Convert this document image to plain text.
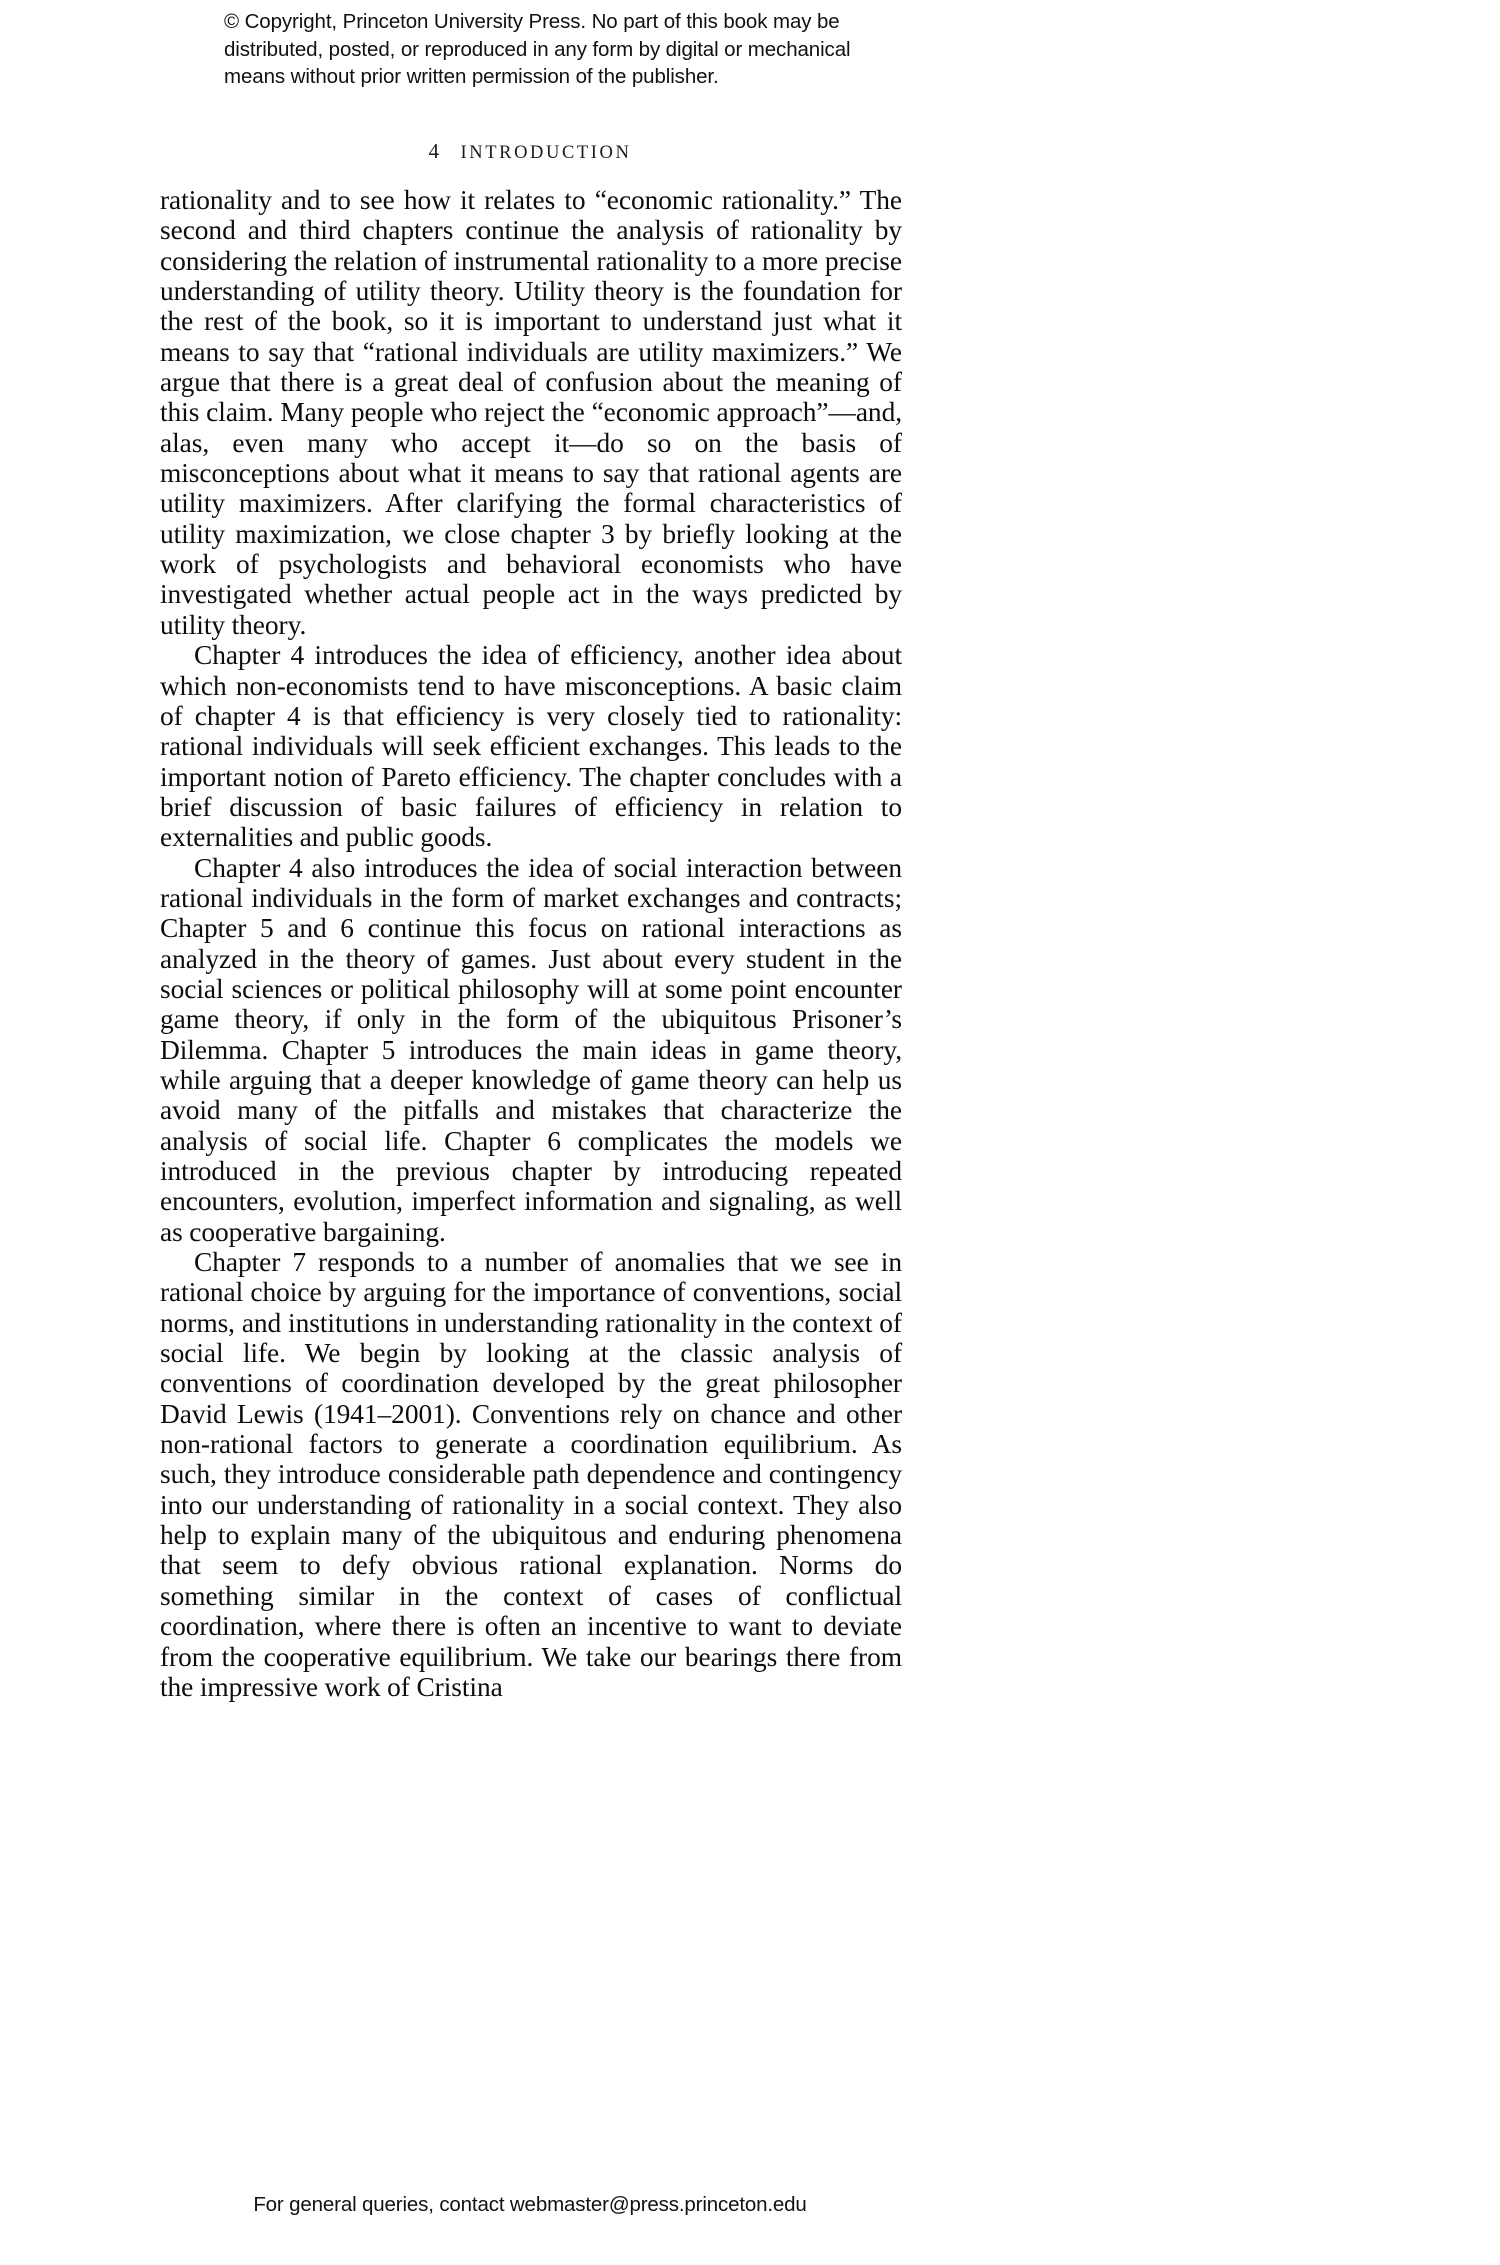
© Copyright, Princeton University Press. No part of this book may be
distributed, posted, or reproduced in any form by digital or mechanical
means without prior written permission of the publisher.
4 INTRODUCTION

rationality and to see how it relates to “economic rationality.” The second and third chapters continue the analysis of rationality by considering the relation of instrumental rationality to a more precise understanding of utility theory. Utility theory is the foundation for the rest of the book, so it is important to understand just what it means to say that “rational individuals are utility maximizers.” We argue that there is a great deal of confusion about the meaning of this claim. Many people who reject the “economic approach”—and, alas, even many who accept it—do so on the basis of misconceptions about what it means to say that rational agents are utility maximizers. After clarifying the formal characteristics of utility maximization, we close chapter 3 by briefly looking at the work of psychologists and behavioral economists who have investigated whether actual people act in the ways predicted by utility theory.

Chapter 4 introduces the idea of efficiency, another idea about which non-economists tend to have misconceptions. A basic claim of chapter 4 is that efficiency is very closely tied to rationality: rational individuals will seek efficient exchanges. This leads to the important notion of Pareto efficiency. The chapter concludes with a brief discussion of basic failures of efficiency in relation to externalities and public goods.

Chapter 4 also introduces the idea of social interaction between rational individuals in the form of market exchanges and contracts; Chapter 5 and 6 continue this focus on rational interactions as analyzed in the theory of games. Just about every student in the social sciences or political philosophy will at some point encounter game theory, if only in the form of the ubiquitous Prisoner’s Dilemma. Chapter 5 introduces the main ideas in game theory, while arguing that a deeper knowledge of game theory can help us avoid many of the pitfalls and mistakes that characterize the analysis of social life. Chapter 6 complicates the models we introduced in the previous chapter by introducing repeated encounters, evolution, imperfect information and signaling, as well as cooperative bargaining.

Chapter 7 responds to a number of anomalies that we see in rational choice by arguing for the importance of conventions, social norms, and institutions in understanding rationality in the context of social life. We begin by looking at the classic analysis of conventions of coordination developed by the great philosopher David Lewis (1941–2001). Conventions rely on chance and other non-rational factors to generate a coordination equilibrium. As such, they introduce considerable path dependence and contingency into our understanding of rationality in a social context. They also help to explain many of the ubiquitous and enduring phenomena that seem to defy obvious rational explanation. Norms do something similar in the context of cases of conflictual coordination, where there is often an incentive to want to deviate from the cooperative equilibrium. We take our bearings there from the impressive work of Cristina

For general queries, contact webmaster@press.princeton.edu
